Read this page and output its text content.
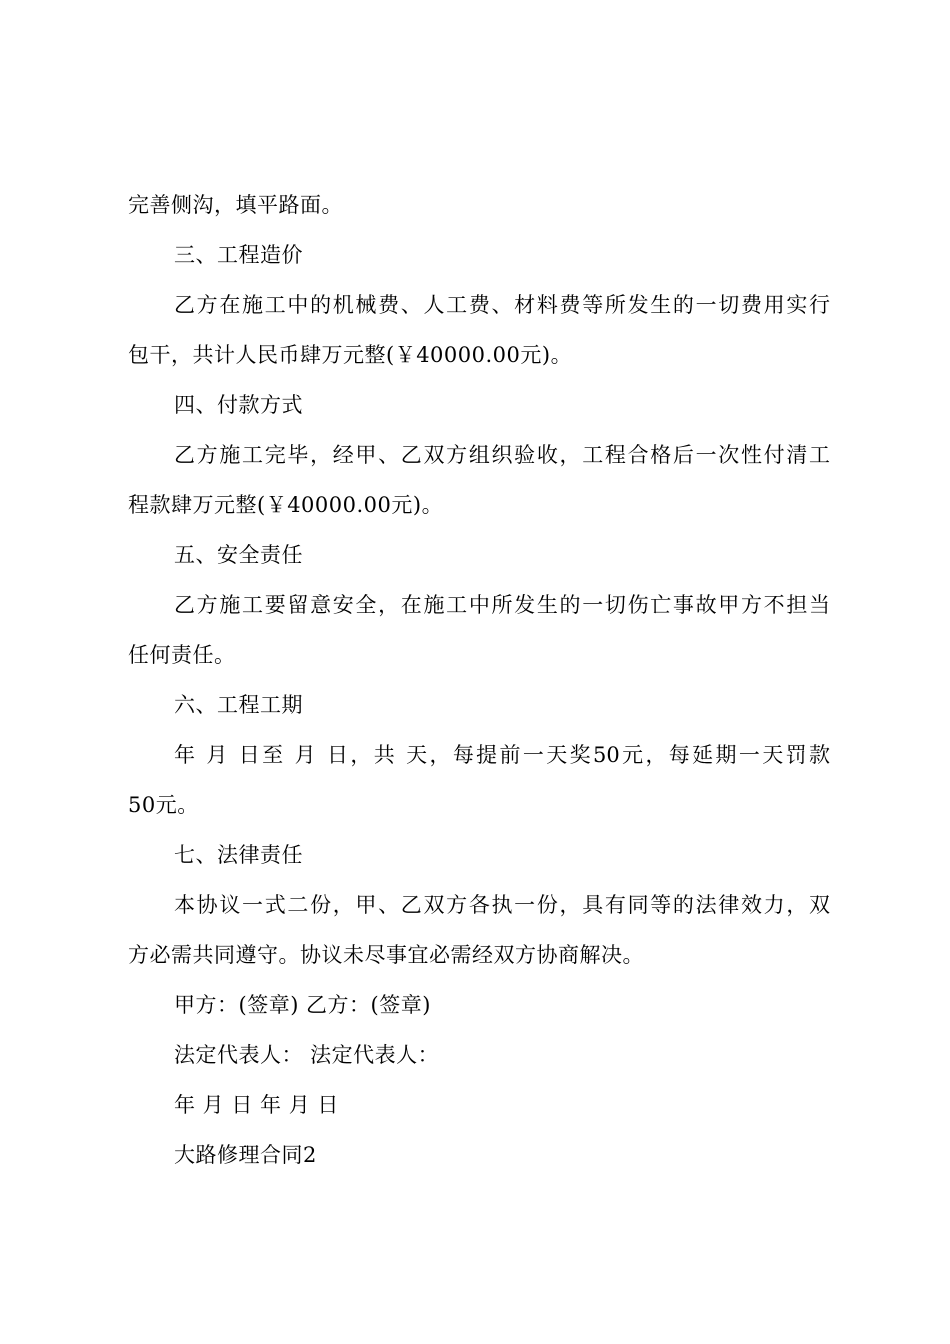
完善侧沟，填平路面。
三、工程造价
乙方在施工中的机械费、人工费、材料费等所发生的一切费用实行
包干，共计人民币肆万元整(￥40000.00元)。
四、付款方式
乙方施工完毕，经甲、乙双方组织验收，工程合格后一次性付清工
程款肆万元整(￥40000.00元)。
五、安全责任
乙方施工要留意安全，在施工中所发生的一切伤亡事故甲方不担当
任何责任。
六、工程工期
年 月 日至 月 日，共 天，每提前一天奖50元，每延期一天罚款
50元。
七、法律责任
本协议一式二份，甲、乙双方各执一份，具有同等的法律效力，双
方必需共同遵守。协议未尽事宜必需经双方协商解决。
甲方：(签章) 乙方：(签章)
法定代表人： 法定代表人：
年 月 日 年 月 日
大路修理合同2
